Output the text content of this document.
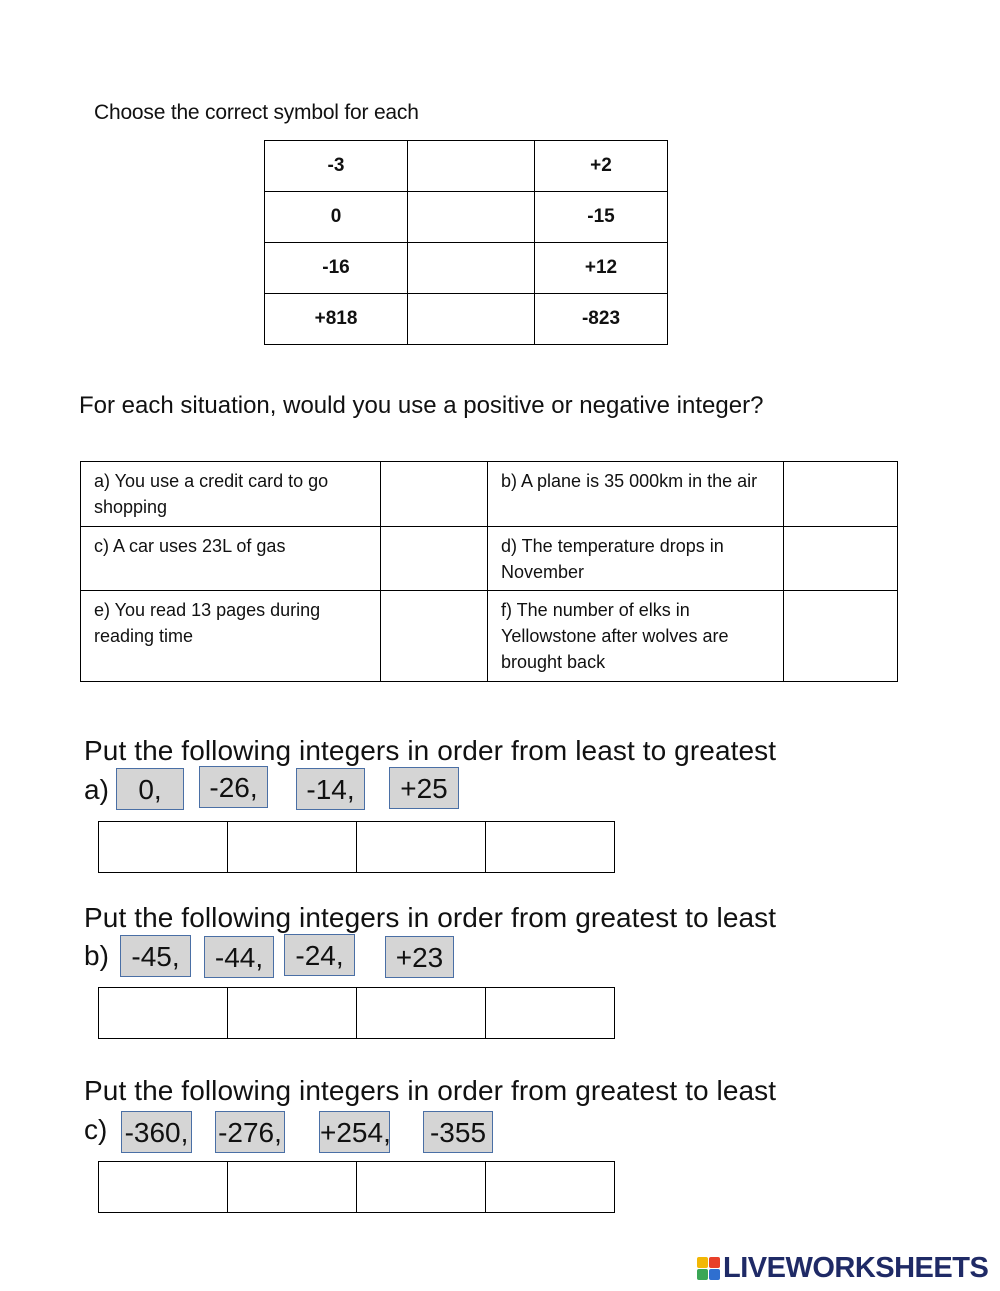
Choose the correct symbol for each
-3		+2
0		-15
-16		+12
+818		-823
For each situation, would you use a positive or negative integer?
a) You use a credit card to go shopping		b) A plane is 35 000km in the air	
c) A car uses 23L of gas		d) The temperature drops in November	
e) You read 13 pages during reading time		f) The number of elks in Yellowstone after wolves are brought back	
Put the following integers in order from least to greatest
a)	0,	-26,	-14,	+25

Put the following integers in order from greatest to least
b) -45,	-44,	-24,	+23

Put the following integers in order from greatest to least
c) -360, -276, +254, -355

LIVEWORKSHEETS
